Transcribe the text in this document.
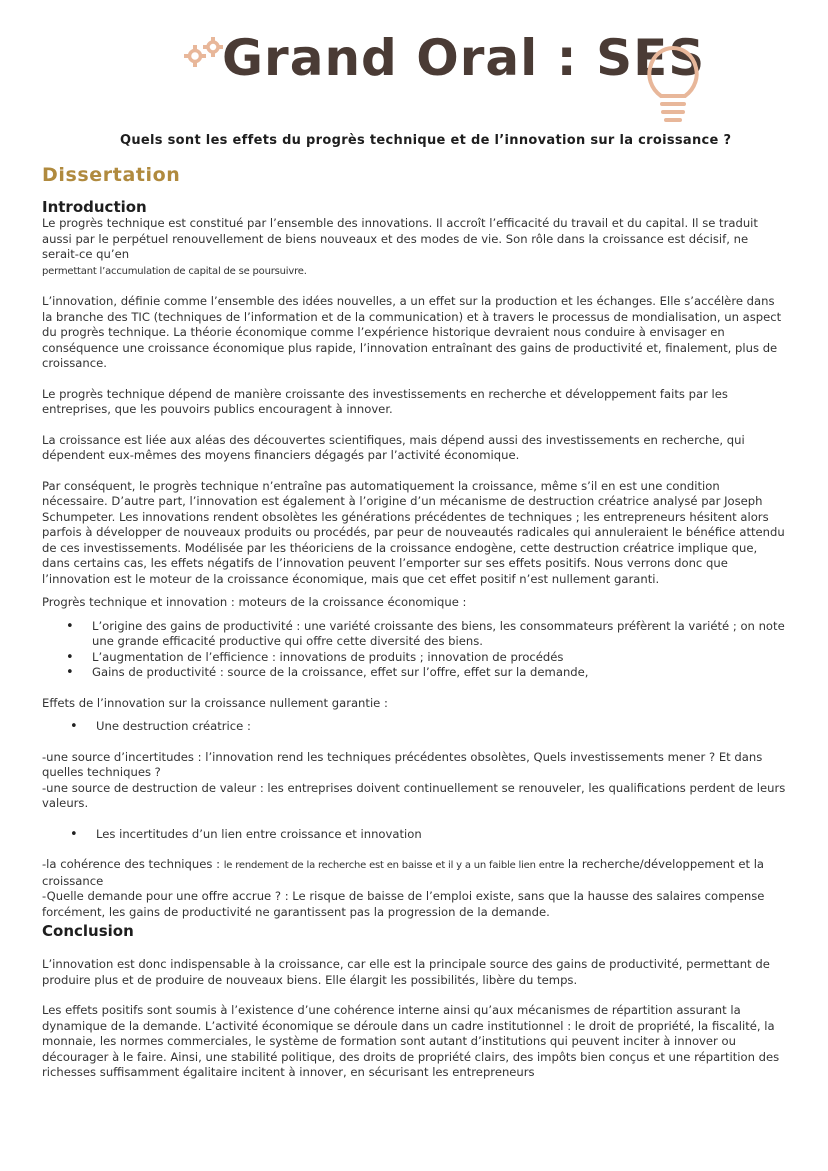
Grand Oral : SES
Quels sont les effets du progrès technique et de l’innovation sur la croissance ?
Dissertation
Introduction

Le progrès technique est constitué par l’ensemble des innovations. Il accroît l’efficacité du travail et du capital. Il se traduit aussi par le perpétuel renouvellement de biens nouveaux et des modes de vie. Son rôle dans la croissance est décisif, ne serait-ce qu’en
permettant l’accumulation de capital de se poursuivre.

L’innovation, définie comme l’ensemble des idées nouvelles, a un effet sur la production et les échanges. Elle s’accélère dans la branche des TIC (techniques de l’information et de la communication) et à travers le processus de mondialisation, un aspect du progrès technique. La théorie économique comme l’expérience historique devraient nous conduire à envisager en conséquence une croissance économique plus rapide, l’innovation entraînant des gains de productivité et, finalement, plus de croissance.

Le progrès technique dépend de manière croissante des investissements en recherche et développement faits par les entreprises, que les pouvoirs publics encouragent à innover.

La croissance est liée aux aléas des découvertes scientifiques, mais dépend aussi des investissements en recherche, qui dépendent eux-mêmes des moyens financiers dégagés par l’activité économique.

Par conséquent, le progrès technique n’entraîne pas automatiquement la croissance, même s’il en est une condition nécessaire. D’autre part, l’innovation est également à l’origine d’un mécanisme de destruction créatrice analysé par Joseph Schumpeter. Les innovations rendent obsolètes les générations précédentes de techniques ; les entrepreneurs hésitent alors parfois à développer de nouveaux produits ou procédés, par peur de nouveautés radicales qui annuleraient le bénéfice attendu de ces investissements. Modélisée par les théoriciens de la croissance endogène, cette destruction créatrice implique que, dans certains cas, les effets négatifs de l’innovation peuvent l’emporter sur ses effets positifs. Nous verrons donc que l’innovation est le moteur de la croissance économique, mais que cet effet positif n’est nullement garanti.

Progrès technique et innovation : moteurs de la croissance économique :

• L’origine des gains de productivité : une variété croissante des biens, les consommateurs préfèrent la variété ; on note une grande efficacité productive qui offre cette diversité des biens.
• L’augmentation de l’efficience : innovations de produits ; innovation de procédés
• Gains de productivité : source de la croissance, effet sur l’offre, effet sur la demande,

Effets de l’innovation sur la croissance nullement garantie :

• Une destruction créatrice :

-une source d’incertitudes : l’innovation rend les techniques précédentes obsolètes, Quels investissements mener ? Et dans quelles techniques ?

-une source de destruction de valeur : les entreprises doivent continuellement se renouveler, les qualifications perdent de leurs valeurs.

• Les incertitudes d’un lien entre croissance et innovation

-la cohérence des techniques : le rendement de la recherche est en baisse et il y a un faible lien entre la recherche/développement et la croissance

-Quelle demande pour une offre accrue ? : Le risque de baisse de l’emploi existe, sans que la hausse des salaires compense forcément, les gains de productivité ne garantissent pas la progression de la demande.

Conclusion

L’innovation est donc indispensable à la croissance, car elle est la principale source des gains de productivité, permettant de produire plus et de produire de nouveaux biens. Elle élargit les possibilités, libère du temps.

Les effets positifs sont soumis à l’existence d’une cohérence interne ainsi qu’aux mécanismes de répartition assurant la dynamique de la demande. L’activité économique se déroule dans un cadre institutionnel : le droit de propriété, la fiscalité, la monnaie, les normes commerciales, le système de formation sont autant d’institutions qui peuvent inciter à innover ou décourager à le faire. Ainsi, une stabilité politique, des droits de propriété clairs, des impôts bien conçus et une répartition des richesses suffisamment égalitaire incitent à innover, en sécurisant les entrepreneurs
